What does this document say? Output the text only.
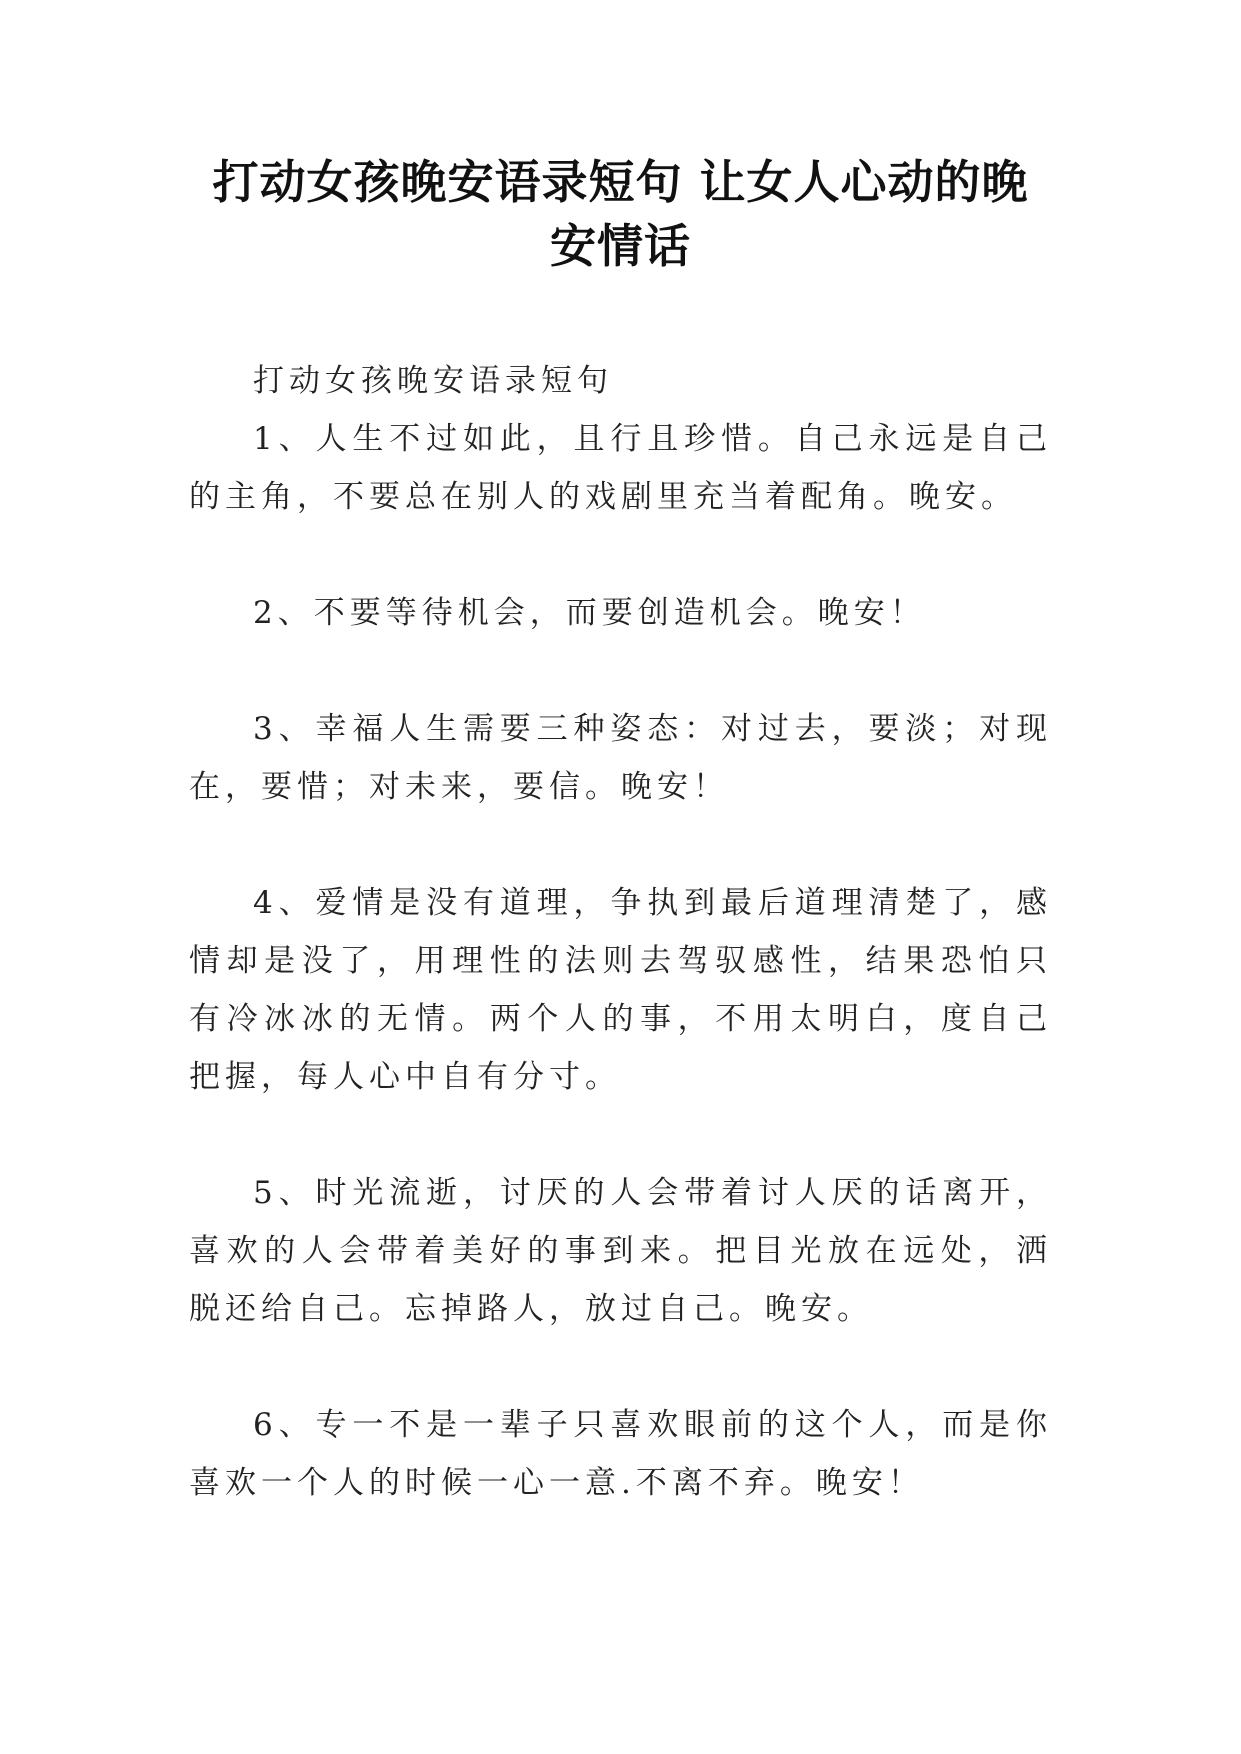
打动女孩晚安语录短句 让女人心动的晚安情话

打动女孩晚安语录短句

1、人生不过如此，且行且珍惜。自己永远是自己的主角，不要总在别人的戏剧里充当着配角。晚安。

2、不要等待机会，而要创造机会。晚安！

3、幸福人生需要三种姿态：对过去，要淡；对现在，要惜；对未来，要信。晚安！

4、爱情是没有道理，争执到最后道理清楚了，感情却是没了，用理性的法则去驾驭感性，结果恐怕只有冷冰冰的无情。两个人的事，不用太明白，度自己把握，每人心中自有分寸。

5、时光流逝，讨厌的人会带着讨人厌的话离开，喜欢的人会带着美好的事到来。把目光放在远处，洒脱还给自己。忘掉路人，放过自己。晚安。

6、专一不是一辈子只喜欢眼前的这个人，而是你喜欢一个人的时候一心一意.不离不弃。晚安！
